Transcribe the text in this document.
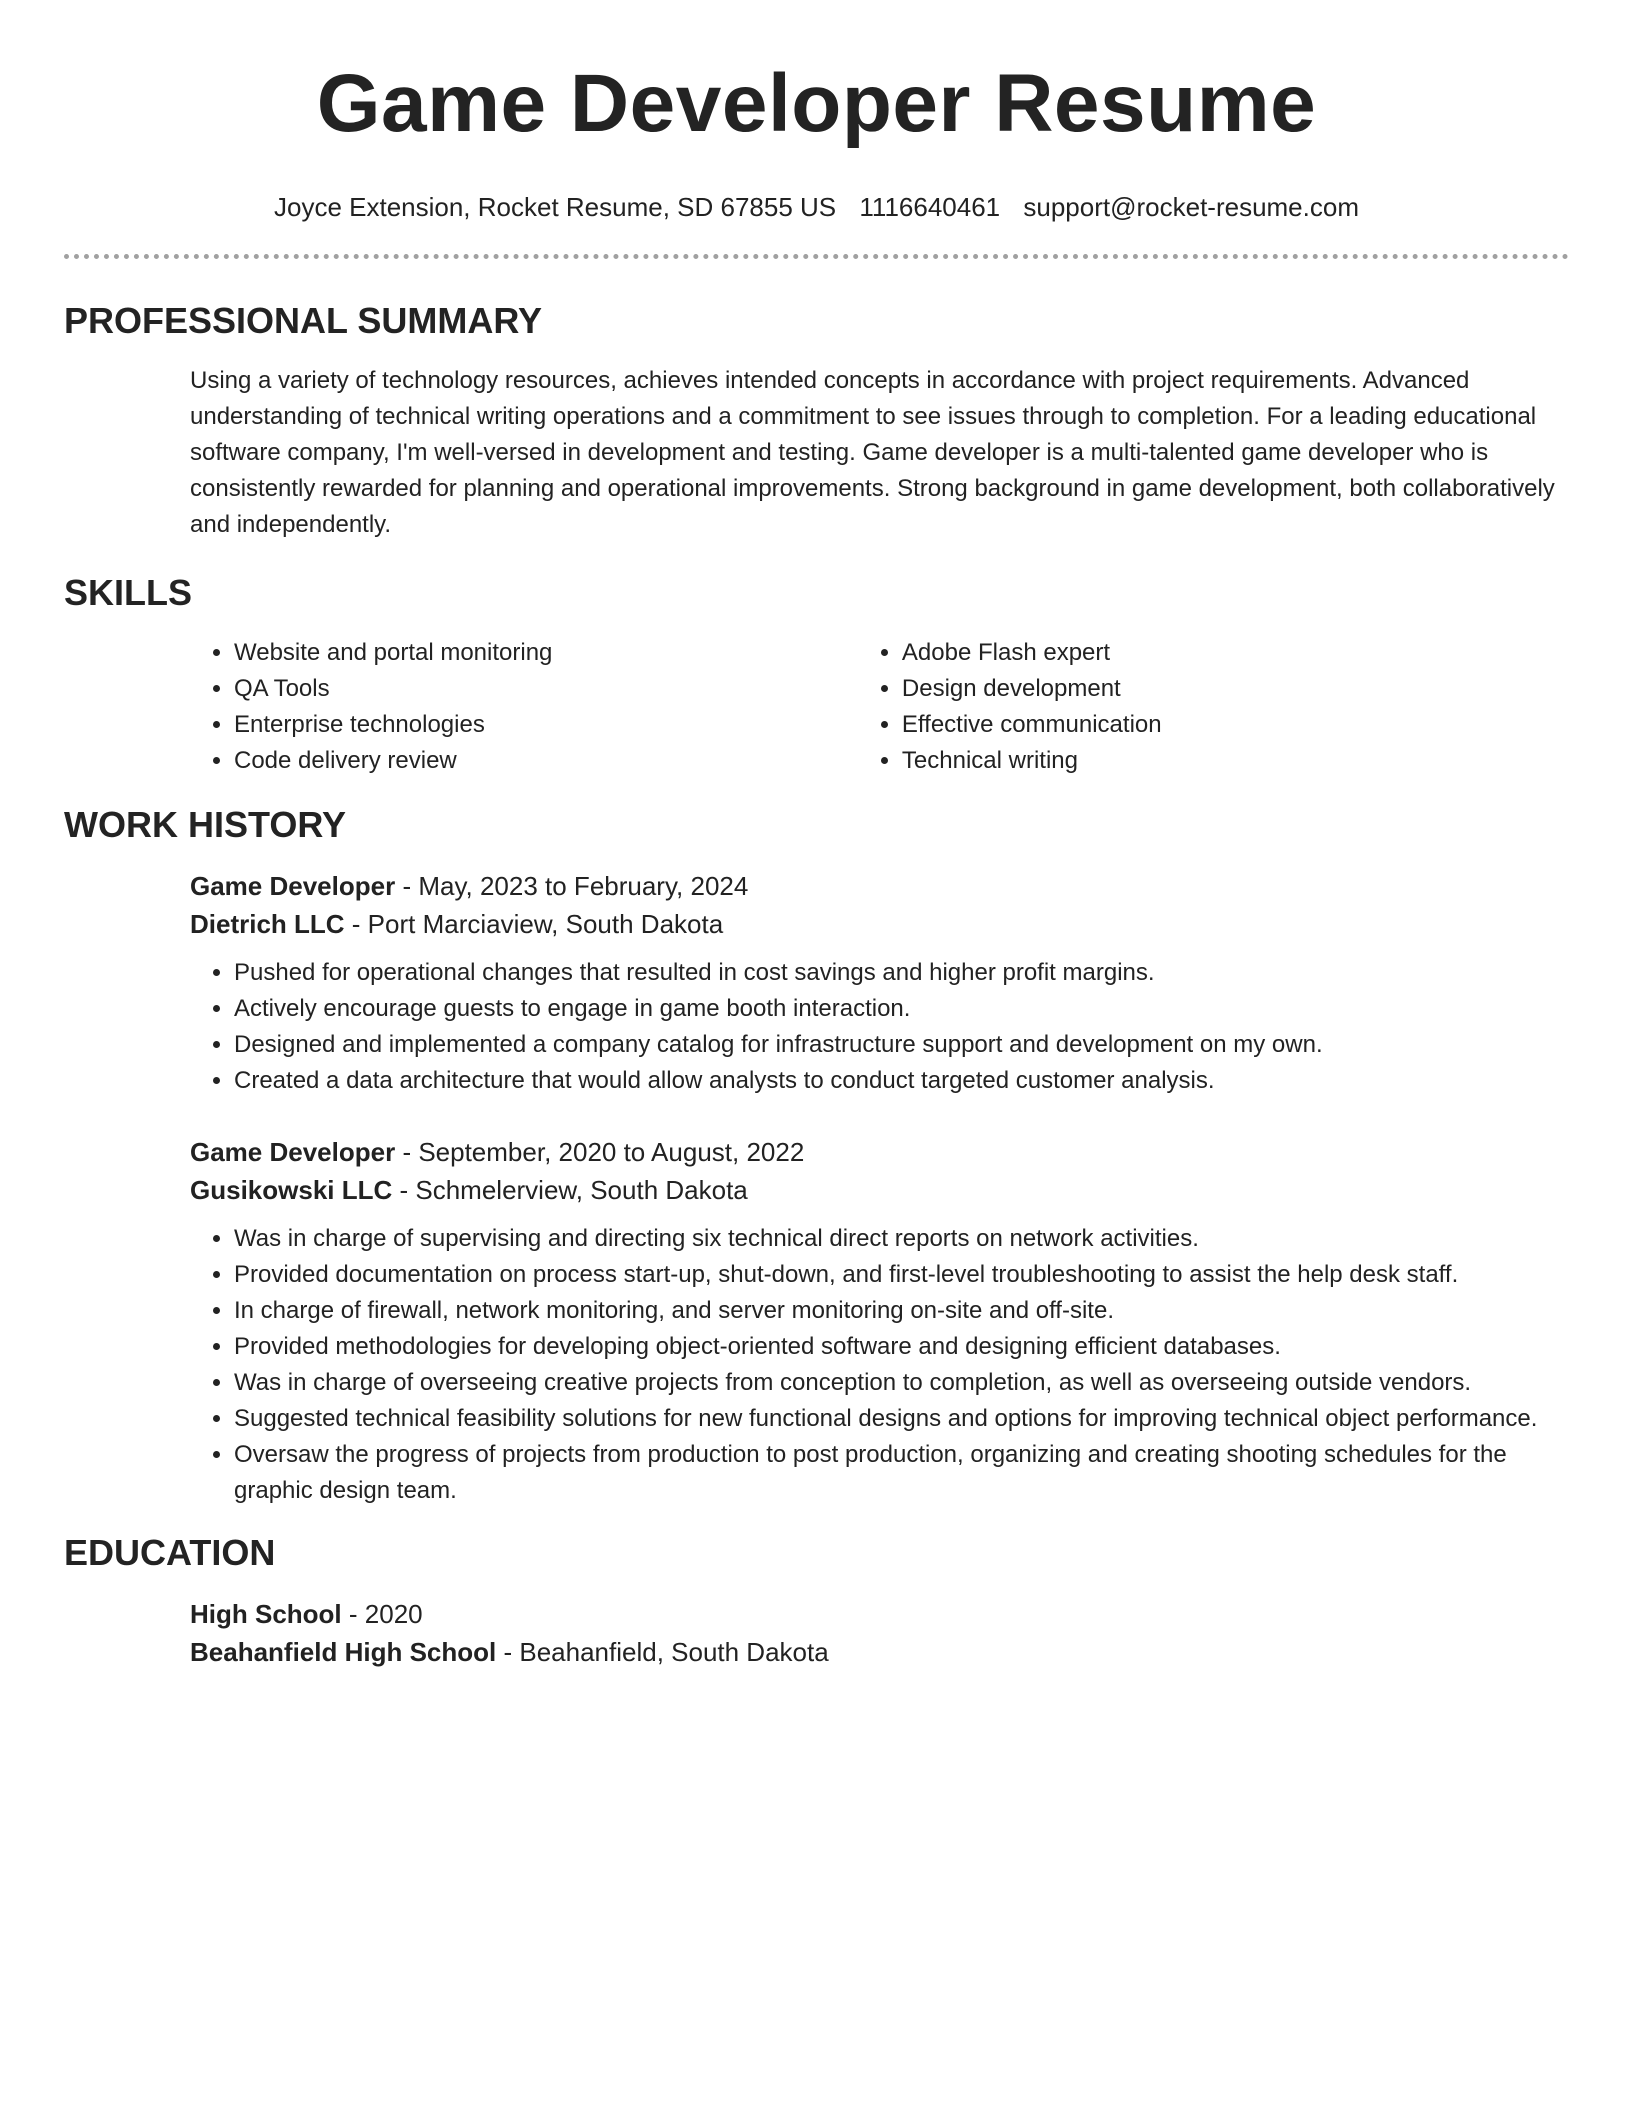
Game Developer Resume
Joyce Extension, Rocket Resume, SD 67855 US 1116640461 support@rocket-resume.com
PROFESSIONAL SUMMARY
Using a variety of technology resources, achieves intended concepts in accordance with project requirements. Advanced understanding of technical writing operations and a commitment to see issues through to completion. For a leading educational software company, I'm well-versed in development and testing. Game developer is a multi-talented game developer who is consistently rewarded for planning and operational improvements. Strong background in game development, both collaboratively and independently.
SKILLS
• Website and portal monitoring
• QA Tools
• Enterprise technologies
• Code delivery review
• Adobe Flash expert
• Design development
• Effective communication
• Technical writing
WORK HISTORY
Game Developer - May, 2023 to February, 2024
Dietrich LLC - Port Marciaview, South Dakota
• Pushed for operational changes that resulted in cost savings and higher profit margins.
• Actively encourage guests to engage in game booth interaction.
• Designed and implemented a company catalog for infrastructure support and development on my own.
• Created a data architecture that would allow analysts to conduct targeted customer analysis.
Game Developer - September, 2020 to August, 2022
Gusikowski LLC - Schmelerview, South Dakota
• Was in charge of supervising and directing six technical direct reports on network activities.
• Provided documentation on process start-up, shut-down, and first-level troubleshooting to assist the help desk staff.
• In charge of firewall, network monitoring, and server monitoring on-site and off-site.
• Provided methodologies for developing object-oriented software and designing efficient databases.
• Was in charge of overseeing creative projects from conception to completion, as well as overseeing outside vendors.
• Suggested technical feasibility solutions for new functional designs and options for improving technical object performance.
• Oversaw the progress of projects from production to post production, organizing and creating shooting schedules for the graphic design team.
EDUCATION
High School - 2020
Beahanfield High School - Beahanfield, South Dakota
